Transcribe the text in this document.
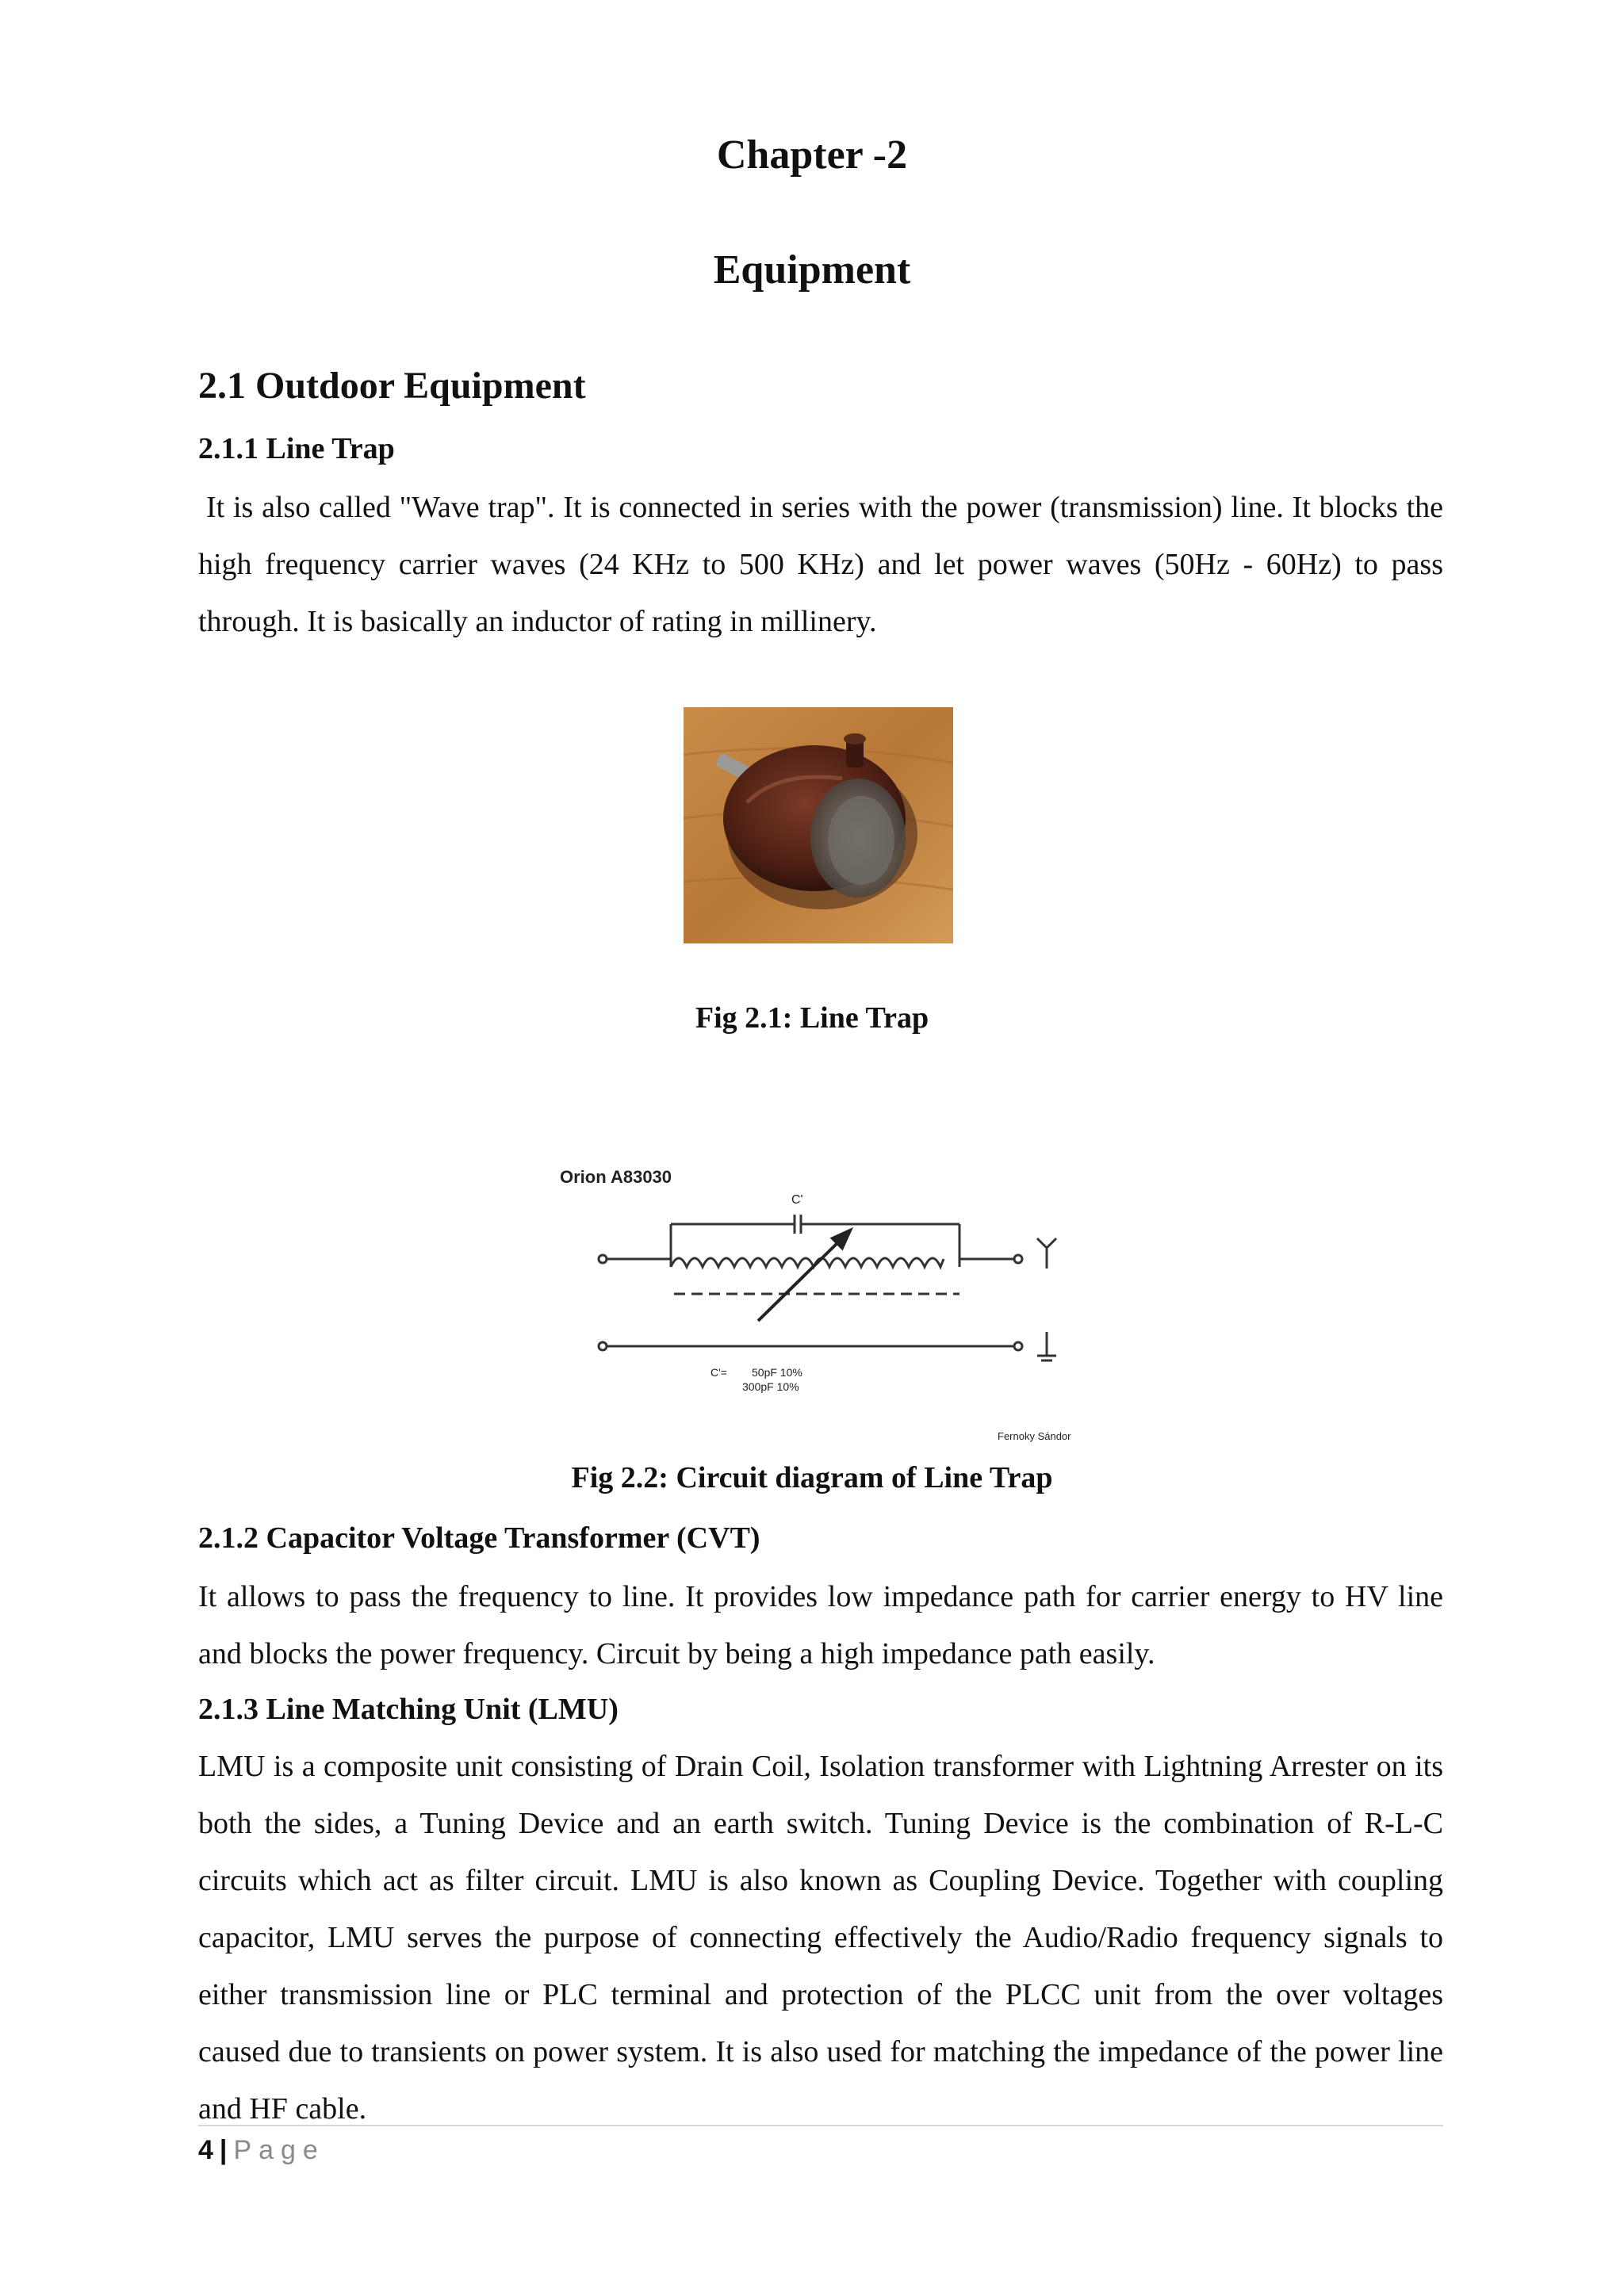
Chapter -2
Equipment
2.1 Outdoor Equipment
2.1.1 Line Trap

It is also called "Wave trap". It is connected in series with the power (transmission) line. It blocks the high frequency carrier waves (24 KHz to 500 KHz) and let power waves (50Hz - 60Hz) to pass through. It is basically an inductor of rating in millinery.

Fig 2.1: Line Trap

Orion A83030
C'
C'= 50pF 10%
300pF 10%
Fernoky Sándor

Fig 2.2: Circuit diagram of Line Trap

2.1.2 Capacitor Voltage Transformer (CVT)

It allows to pass the frequency to line. It provides low impedance path for carrier energy to HV line and blocks the power frequency. Circuit by being a high impedance path easily.

2.1.3 Line Matching Unit (LMU)

LMU is a composite unit consisting of Drain Coil, Isolation transformer with Lightning Arrester on its both the sides, a Tuning Device and an earth switch. Tuning Device is the combination of R-L-C circuits which act as filter circuit. LMU is also known as Coupling Device. Together with coupling capacitor, LMU serves the purpose of connecting effectively the Audio/Radio frequency signals to either transmission line or PLC terminal and protection of the PLCC unit from the over voltages caused due to transients on power system. It is also used for matching the impedance of the power line and HF cable.

4 | Page
